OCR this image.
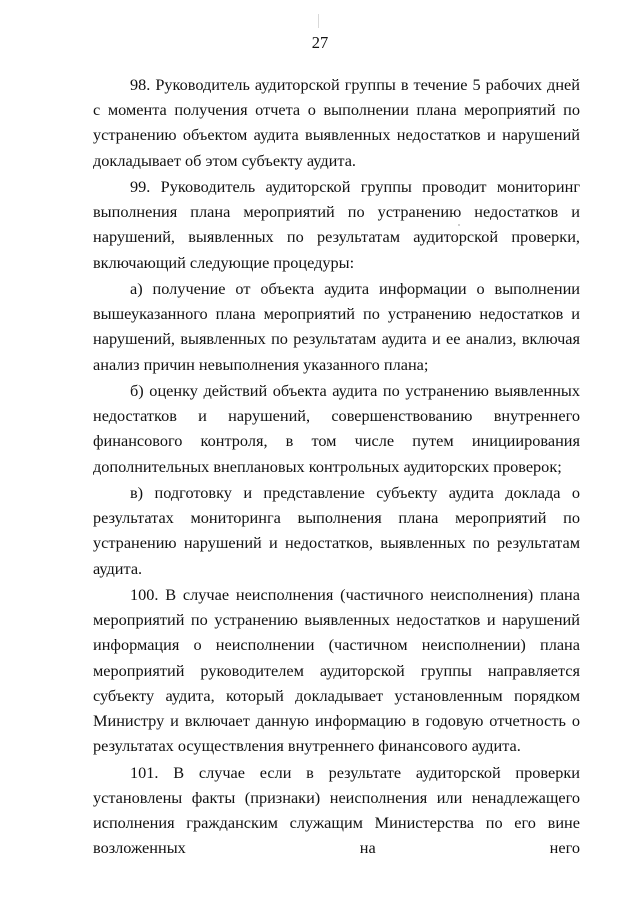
27

98. Руководитель аудиторской группы в течение 5 рабочих дней с момента получения отчета о выполнении плана мероприятий по устранению объектом аудита выявленных недостатков и нарушений докладывает об этом субъекту аудита.

99. Руководитель аудиторской группы проводит мониторинг выполнения плана мероприятий по устранению недостатков и нарушений, выявленных по результатам аудиторской проверки, включающий следующие процедуры:

а) получение от объекта аудита информации о выполнении вышеуказанного плана мероприятий по устранению недостатков и нарушений, выявленных по результатам аудита и ее анализ, включая анализ причин невыполнения указанного плана;

б) оценку действий объекта аудита по устранению выявленных недостатков и нарушений, совершенствованию внутреннего финансового контроля, в том числе путем инициирования дополнительных внеплановых контрольных аудиторских проверок;

в) подготовку и представление субъекту аудита доклада о результатах мониторинга выполнения плана мероприятий по устранению нарушений и недостатков, выявленных по результатам аудита.

100. В случае неисполнения (частичного неисполнения) плана мероприятий по устранению выявленных недостатков и нарушений информация о неисполнении (частичном неисполнении) плана мероприятий руководителем аудиторской группы направляется субъекту аудита, который докладывает установленным порядком Министру и включает данную информацию в годовую отчетность о результатах осуществления внутреннего финансового аудита.

101. В случае если в результате аудиторской проверки установлены факты (признаки) неисполнения или ненадлежащего исполнения гражданским служащим Министерства по его вине возложенных на него
